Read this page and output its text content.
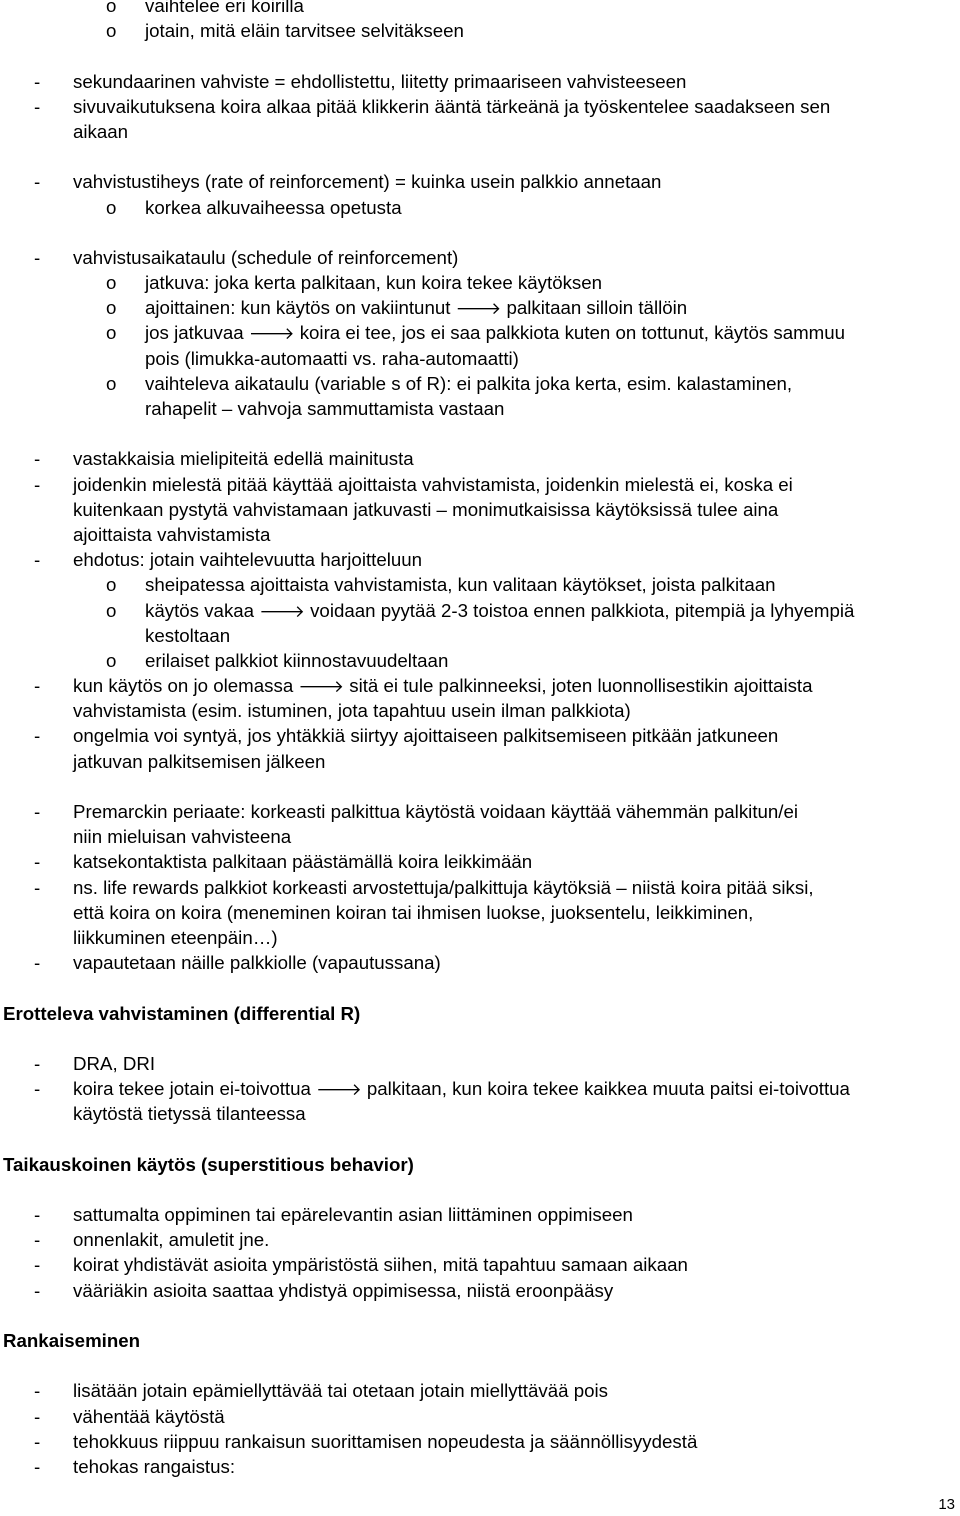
o vaihtelee eri koirilla
o jotain, mitä eläin tarvitsee selvitäkseen
- sekundaarinen vahviste = ehdollistettu, liitetty primaariseen vahvisteeseen
- sivuvaikutuksena koira alkaa pitää klikkerin ääntä tärkeänä ja työskentelee saadakseen sen
aikaan
- vahvistustiheys (rate of reinforcement) = kuinka usein palkkio annetaan
o korkea alkuvaiheessa opetusta
- vahvistusaikataulu (schedule of reinforcement)
o jatkuva: joka kerta palkitaan, kun koira tekee käytöksen
o ajoittainen: kun käytös on vakiintunut 🡒 palkitaan silloin tällöin
o jos jatkuvaa 🡒 koira ei tee, jos ei saa palkkiota kuten on tottunut, käytös sammuu
pois (limukka-automaatti vs. raha-automaatti)
o vaihteleva aikataulu (variable s of R): ei palkita joka kerta, esim. kalastaminen,
rahapelit – vahvoja sammuttamista vastaan
- vastakkaisia mielipiteitä edellä mainitusta
- joidenkin mielestä pitää käyttää ajoittaista vahvistamista, joidenkin mielestä ei, koska ei
kuitenkaan pystytä vahvistamaan jatkuvasti – monimutkaisissa käytöksissä tulee aina
ajoittaista vahvistamista
- ehdotus: jotain vaihtelevuutta harjoitteluun
o sheipatessa ajoittaista vahvistamista, kun valitaan käytökset, joista palkitaan
o käytös vakaa 🡒 voidaan pyytää 2-3 toistoa ennen palkkiota, pitempiä ja lyhyempiä
kestoltaan
o erilaiset palkkiot kiinnostavuudeltaan
- kun käytös on jo olemassa 🡒 sitä ei tule palkinneeksi, joten luonnollisestikin ajoittaista
vahvistamista (esim. istuminen, jota tapahtuu usein ilman palkkiota)
- ongelmia voi syntyä, jos yhtäkkiä siirtyy ajoittaiseen palkitsemiseen pitkään jatkuneen
jatkuvan palkitsemisen jälkeen
- Premarckin periaate: korkeasti palkittua käytöstä voidaan käyttää vähemmän palkitun/ei
niin mieluisan vahvisteena
- katsekontaktista palkitaan päästämällä koira leikkimään
- ns. life rewards palkkiot korkeasti arvostettuja/palkittuja käytöksiä – niistä koira pitää siksi,
että koira on koira (meneminen koiran tai ihmisen luokse, juoksentelu, leikkiminen,
liikkuminen eteenpäin…)
- vapautetaan näille palkkiolle (vapautussana)
Erotteleva vahvistaminen (differential R)
- DRA, DRI
- koira tekee jotain ei-toivottua 🡒 palkitaan, kun koira tekee kaikkea muuta paitsi ei-toivottua
käytöstä tietyssä tilanteessa
Taikauskoinen käytös (superstitious behavior)
- sattumalta oppiminen tai epärelevantin asian liittäminen oppimiseen
- onnenlakit, amuletit jne.
- koirat yhdistävät asioita ympäristöstä siihen, mitä tapahtuu samaan aikaan
- vääriäkin asioita saattaa yhdistyä oppimisessa, niistä eroonpääsy
Rankaiseminen
- lisätään jotain epämiellyttävää tai otetaan jotain miellyttävää pois
- vähentää käytöstä
- tehokkuus riippuu rankaisun suorittamisen nopeudesta ja säännöllisyydestä
- tehokas rangaistus:
13
